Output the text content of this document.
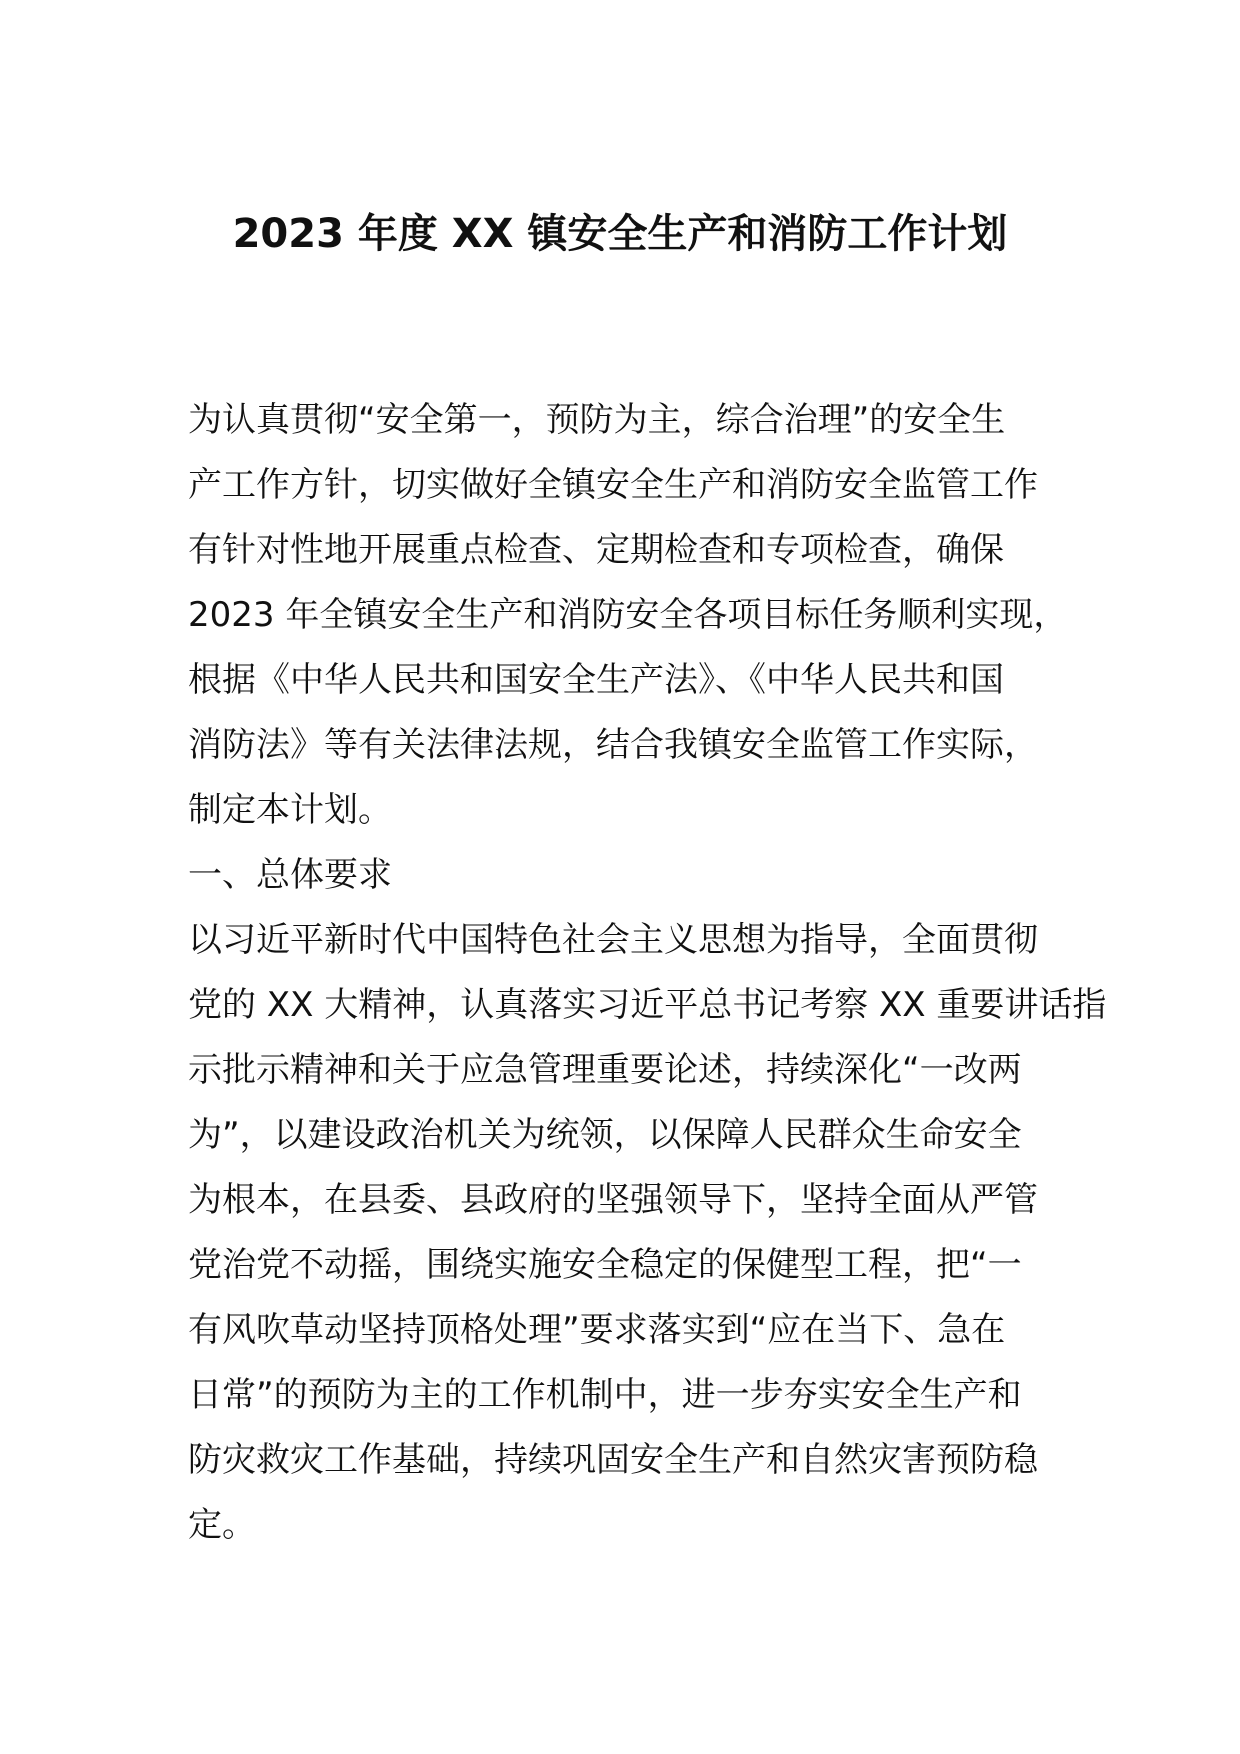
2023 年度 XX 镇安全生产和消防工作计划
为认真贯彻“安全第一，预防为主，综合治理”的安全生
产工作方针，切实做好全镇安全生产和消防安全监管工作
有针对性地开展重点检查、定期检查和专项检查，确保
2023 年全镇安全生产和消防安全各项目标任务顺利实现，
根据《中华人民共和国安全生产法》、《中华人民共和国
消防法》等有关法律法规，结合我镇安全监管工作实际，
制定本计划。
一、总体要求
以习近平新时代中国特色社会主义思想为指导，全面贯彻
党的 XX 大精神，认真落实习近平总书记考察 XX 重要讲话指
示批示精神和关于应急管理重要论述，持续深化“一改两
为”，以建设政治机关为统领，以保障人民群众生命安全
为根本，在县委、县政府的坚强领导下，坚持全面从严管
党治党不动摇，围绕实施安全稳定的保健型工程，把“一
有风吹草动坚持顶格处理”要求落实到“应在当下、急在
日常”的预防为主的工作机制中，进一步夯实安全生产和
防灾救灾工作基础，持续巩固安全生产和自然灾害预防稳
定。
